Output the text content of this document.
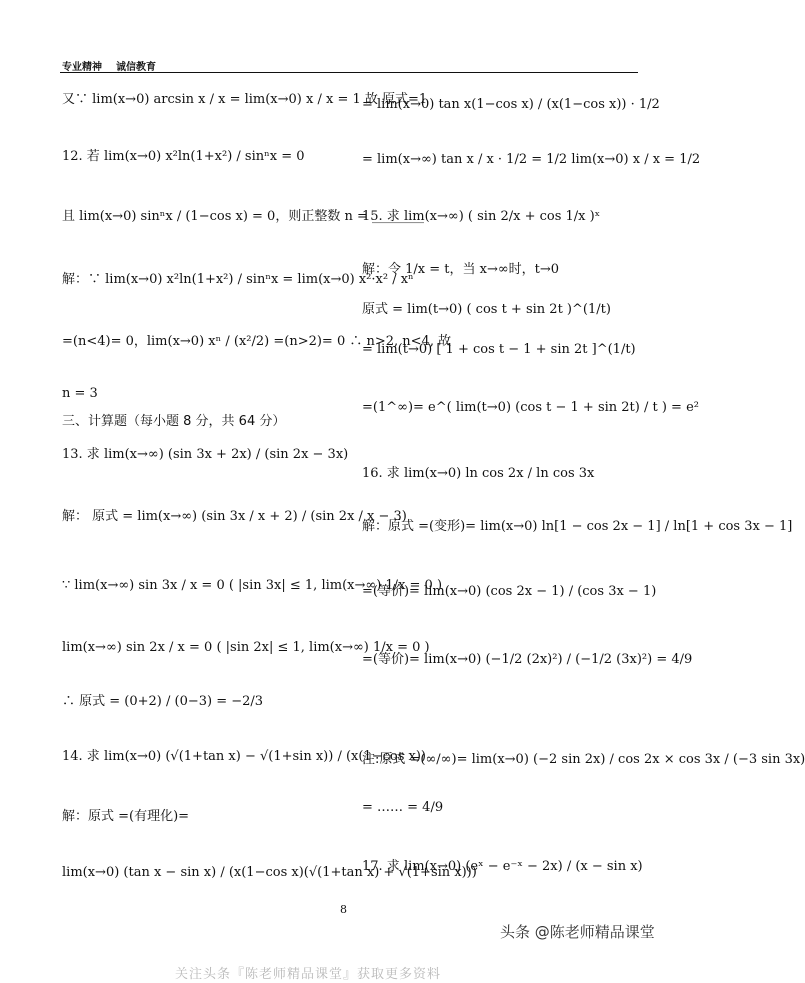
专业精神 诚信教育
又∵ lim(x→0) arcsin x / x = lim(x→0) x / x = 1 故 原式=1
12. 若 lim(x→0) x²ln(1+x²) / sinⁿx = 0
且 lim(x→0) sinⁿx / (1−cos x) = 0，则正整数 n = ________
解：∵ lim(x→0) x²ln(1+x²) / sinⁿx = lim(x→0) x²·x² / xⁿ
=(n<4)= 0，lim(x→0) xⁿ / (x²/2) =(n>2)= 0 ∴ n>2, n<4, 故
n = 3
三、计算题（每小题 8 分，共 64 分）
13. 求 lim(x→∞) (sin 3x + 2x) / (sin 2x − 3x)
解： 原式 = lim(x→∞) (sin 3x / x + 2) / (sin 2x / x − 3)
∵ lim(x→∞) sin 3x / x = 0 ( |sin 3x| ≤ 1, lim(x→∞) 1/x = 0 )
lim(x→∞) sin 2x / x = 0 ( |sin 2x| ≤ 1, lim(x→∞) 1/x = 0 )
∴ 原式 = (0+2) / (0−3) = −2/3
14. 求 lim(x→0) (√(1+tan x) − √(1+sin x)) / (x(1−cos x))
解：原式 =(有理化)=
lim(x→0) (tan x − sin x) / (x(1−cos x)(√(1+tan x) + √(1+sin x)))
= lim(x→0) tan x(1−cos x) / (x(1−cos x)) · 1/2
= lim(x→∞) tan x / x · 1/2 = 1/2 lim(x→0) x / x = 1/2
15. 求 lim(x→∞) ( sin 2/x + cos 1/x )ˣ
解：令 1/x = t，当 x→∞时，t→0
原式 = lim(t→0) ( cos t + sin 2t )^(1/t)
= lim(t→0) [ 1 + cos t − 1 + sin 2t ]^(1/t)
=(1^∞)= e^( lim(t→0) (cos t − 1 + sin 2t) / t ) = e²
16. 求 lim(x→0) ln cos 2x / ln cos 3x
解：原式 =(变形)= lim(x→0) ln[1 − cos 2x − 1] / ln[1 + cos 3x − 1]
=(等价)= lim(x→0) (cos 2x − 1) / (cos 3x − 1)
=(等价)= lim(x→0) (−1/2 (2x)²) / (−1/2 (3x)²) = 4/9
注:原式 =(∞/∞)= lim(x→0) (−2 sin 2x) / cos 2x × cos 3x / (−3 sin 3x)
= …… = 4/9
17. 求 lim(x→0) (eˣ − e⁻ˣ − 2x) / (x − sin x)
8
头条 @陈老师精品课堂
关注头条『陈老师精品课堂』获取更多资料
